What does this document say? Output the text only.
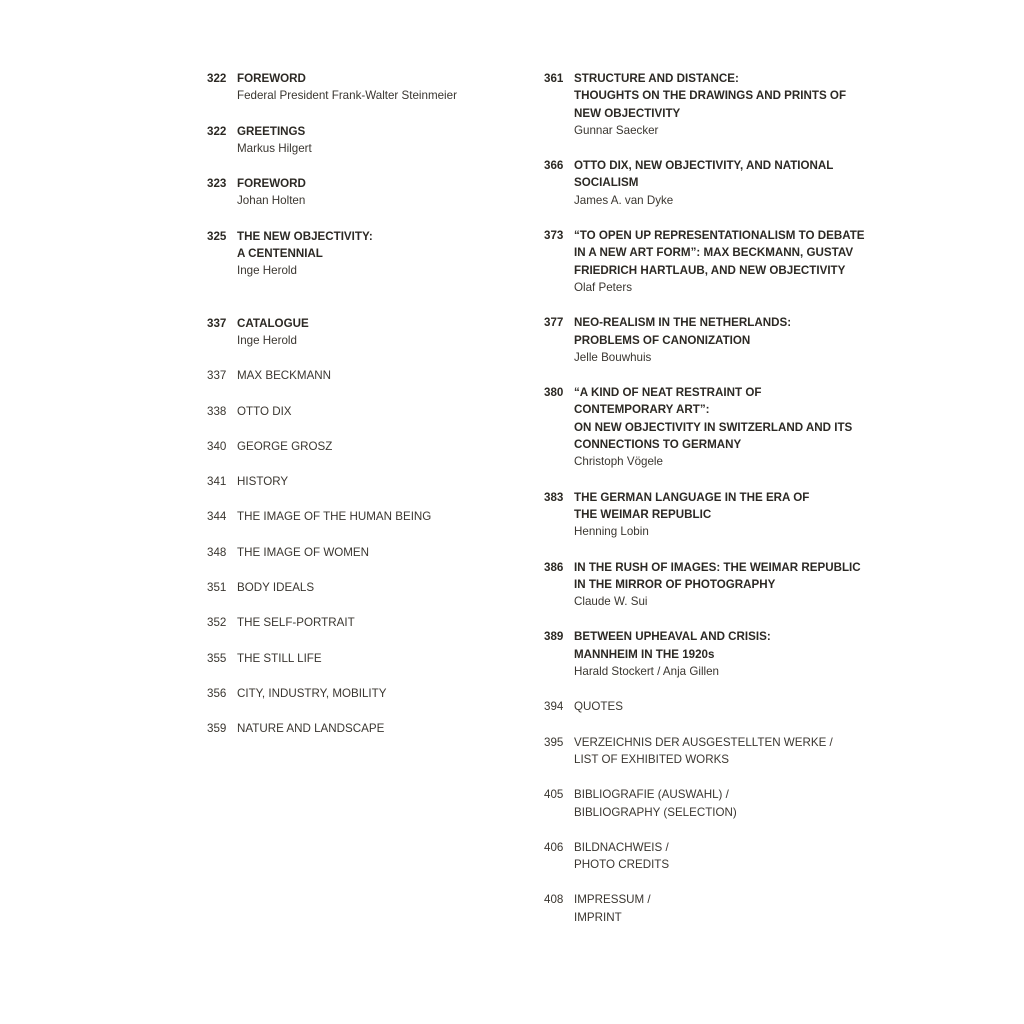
322 FOREWORD
Federal President Frank-Walter Steinmeier
322 GREETINGS
Markus Hilgert
323 FOREWORD
Johan Holten
325 THE NEW OBJECTIVITY:
A CENTENNIAL
Inge Herold
337 CATALOGUE
Inge Herold
337 MAX BECKMANN
338 OTTO DIX
340 GEORGE GROSZ
341 HISTORY
344 THE IMAGE OF THE HUMAN BEING
348 THE IMAGE OF WOMEN
351 BODY IDEALS
352 THE SELF-PORTRAIT
355 THE STILL LIFE
356 CITY, INDUSTRY, MOBILITY
359 NATURE AND LANDSCAPE
361 STRUCTURE AND DISTANCE:
THOUGHTS ON THE DRAWINGS AND PRINTS OF
NEW OBJECTIVITY
Gunnar Saecker
366 OTTO DIX, NEW OBJECTIVITY, AND NATIONAL
SOCIALISM
James A. van Dyke
373 “TO OPEN UP REPRESENTATIONALISM TO DEBATE
IN A NEW ART FORM”: MAX BECKMANN, GUSTAV
FRIEDRICH HARTLAUB, AND NEW OBJECTIVITY
Olaf Peters
377 NEO-REALISM IN THE NETHERLANDS:
PROBLEMS OF CANONIZATION
Jelle Bouwhuis
380 “A KIND OF NEAT RESTRAINT OF
CONTEMPORARY ART”:
ON NEW OBJECTIVITY IN SWITZERLAND AND ITS
CONNECTIONS TO GERMANY
Christoph Vögele
383 THE GERMAN LANGUAGE IN THE ERA OF
THE WEIMAR REPUBLIC
Henning Lobin
386 IN THE RUSH OF IMAGES: THE WEIMAR REPUBLIC
IN THE MIRROR OF PHOTOGRAPHY
Claude W. Sui
389 BETWEEN UPHEAVAL AND CRISIS:
MANNHEIM IN THE 1920s
Harald Stockert / Anja Gillen
394 QUOTES
395 VERZEICHNIS DER AUSGESTELLTEN WERKE /
LIST OF EXHIBITED WORKS
405 BIBLIOGRAFIE (AUSWAHL) /
BIBLIOGRAPHY (SELECTION)
406 BILDNACHWEIS /
PHOTO CREDITS
408 IMPRESSUM /
IMPRINT
